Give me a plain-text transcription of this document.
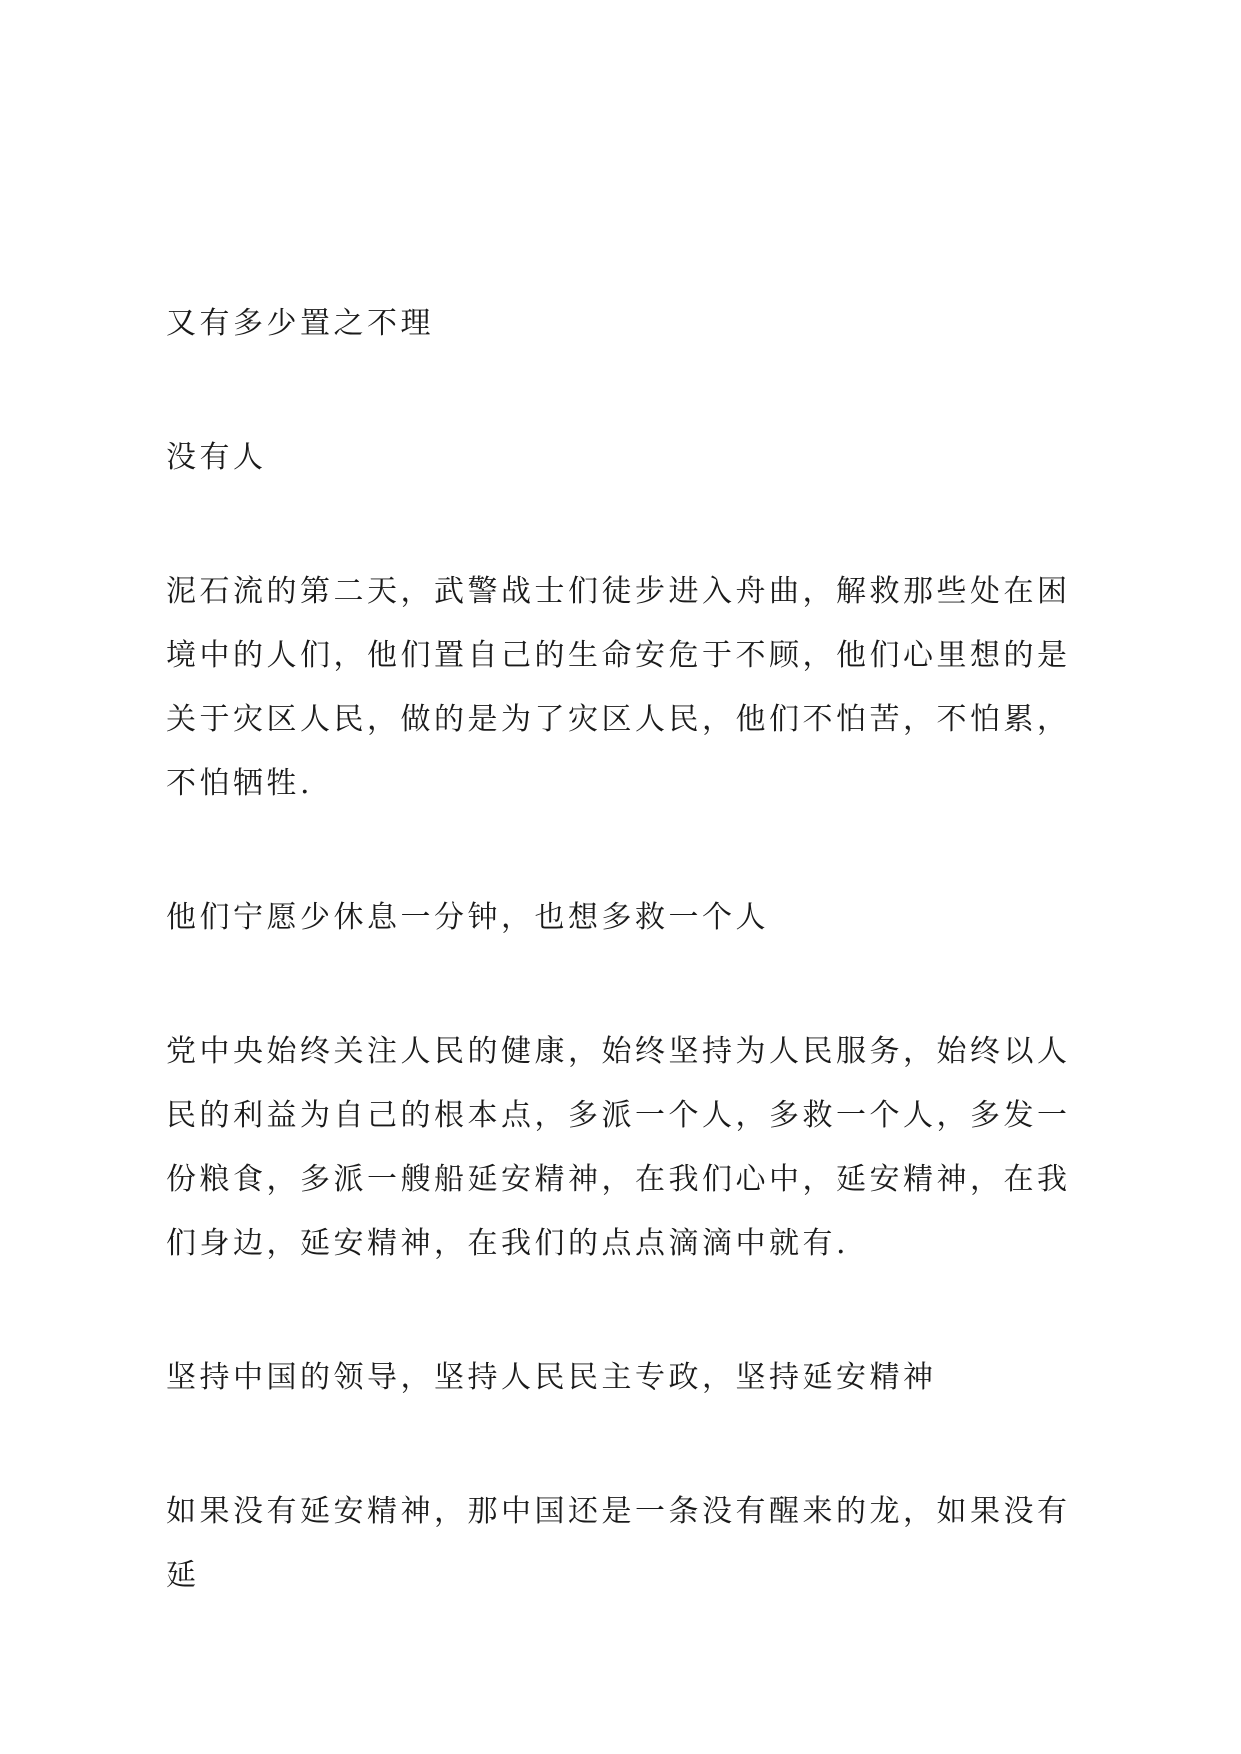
又有多少置之不理

没有人

泥石流的第二天，武警战士们徒步进入舟曲，解救那些处在困境中的人们，他们置自己的生命安危于不顾，他们心里想的是关于灾区人民，做的是为了灾区人民，他们不怕苦，不怕累，不怕牺牲.

他们宁愿少休息一分钟，也想多救一个人

党中央始终关注人民的健康，始终坚持为人民服务，始终以人民的利益为自己的根本点，多派一个人，多救一个人，多发一份粮食，多派一艘船延安精神，在我们心中，延安精神，在我们身边，延安精神，在我们的点点滴滴中就有.

坚持中国的领导，坚持人民民主专政，坚持延安精神

如果没有延安精神，那中国还是一条没有醒来的龙，如果没有延
